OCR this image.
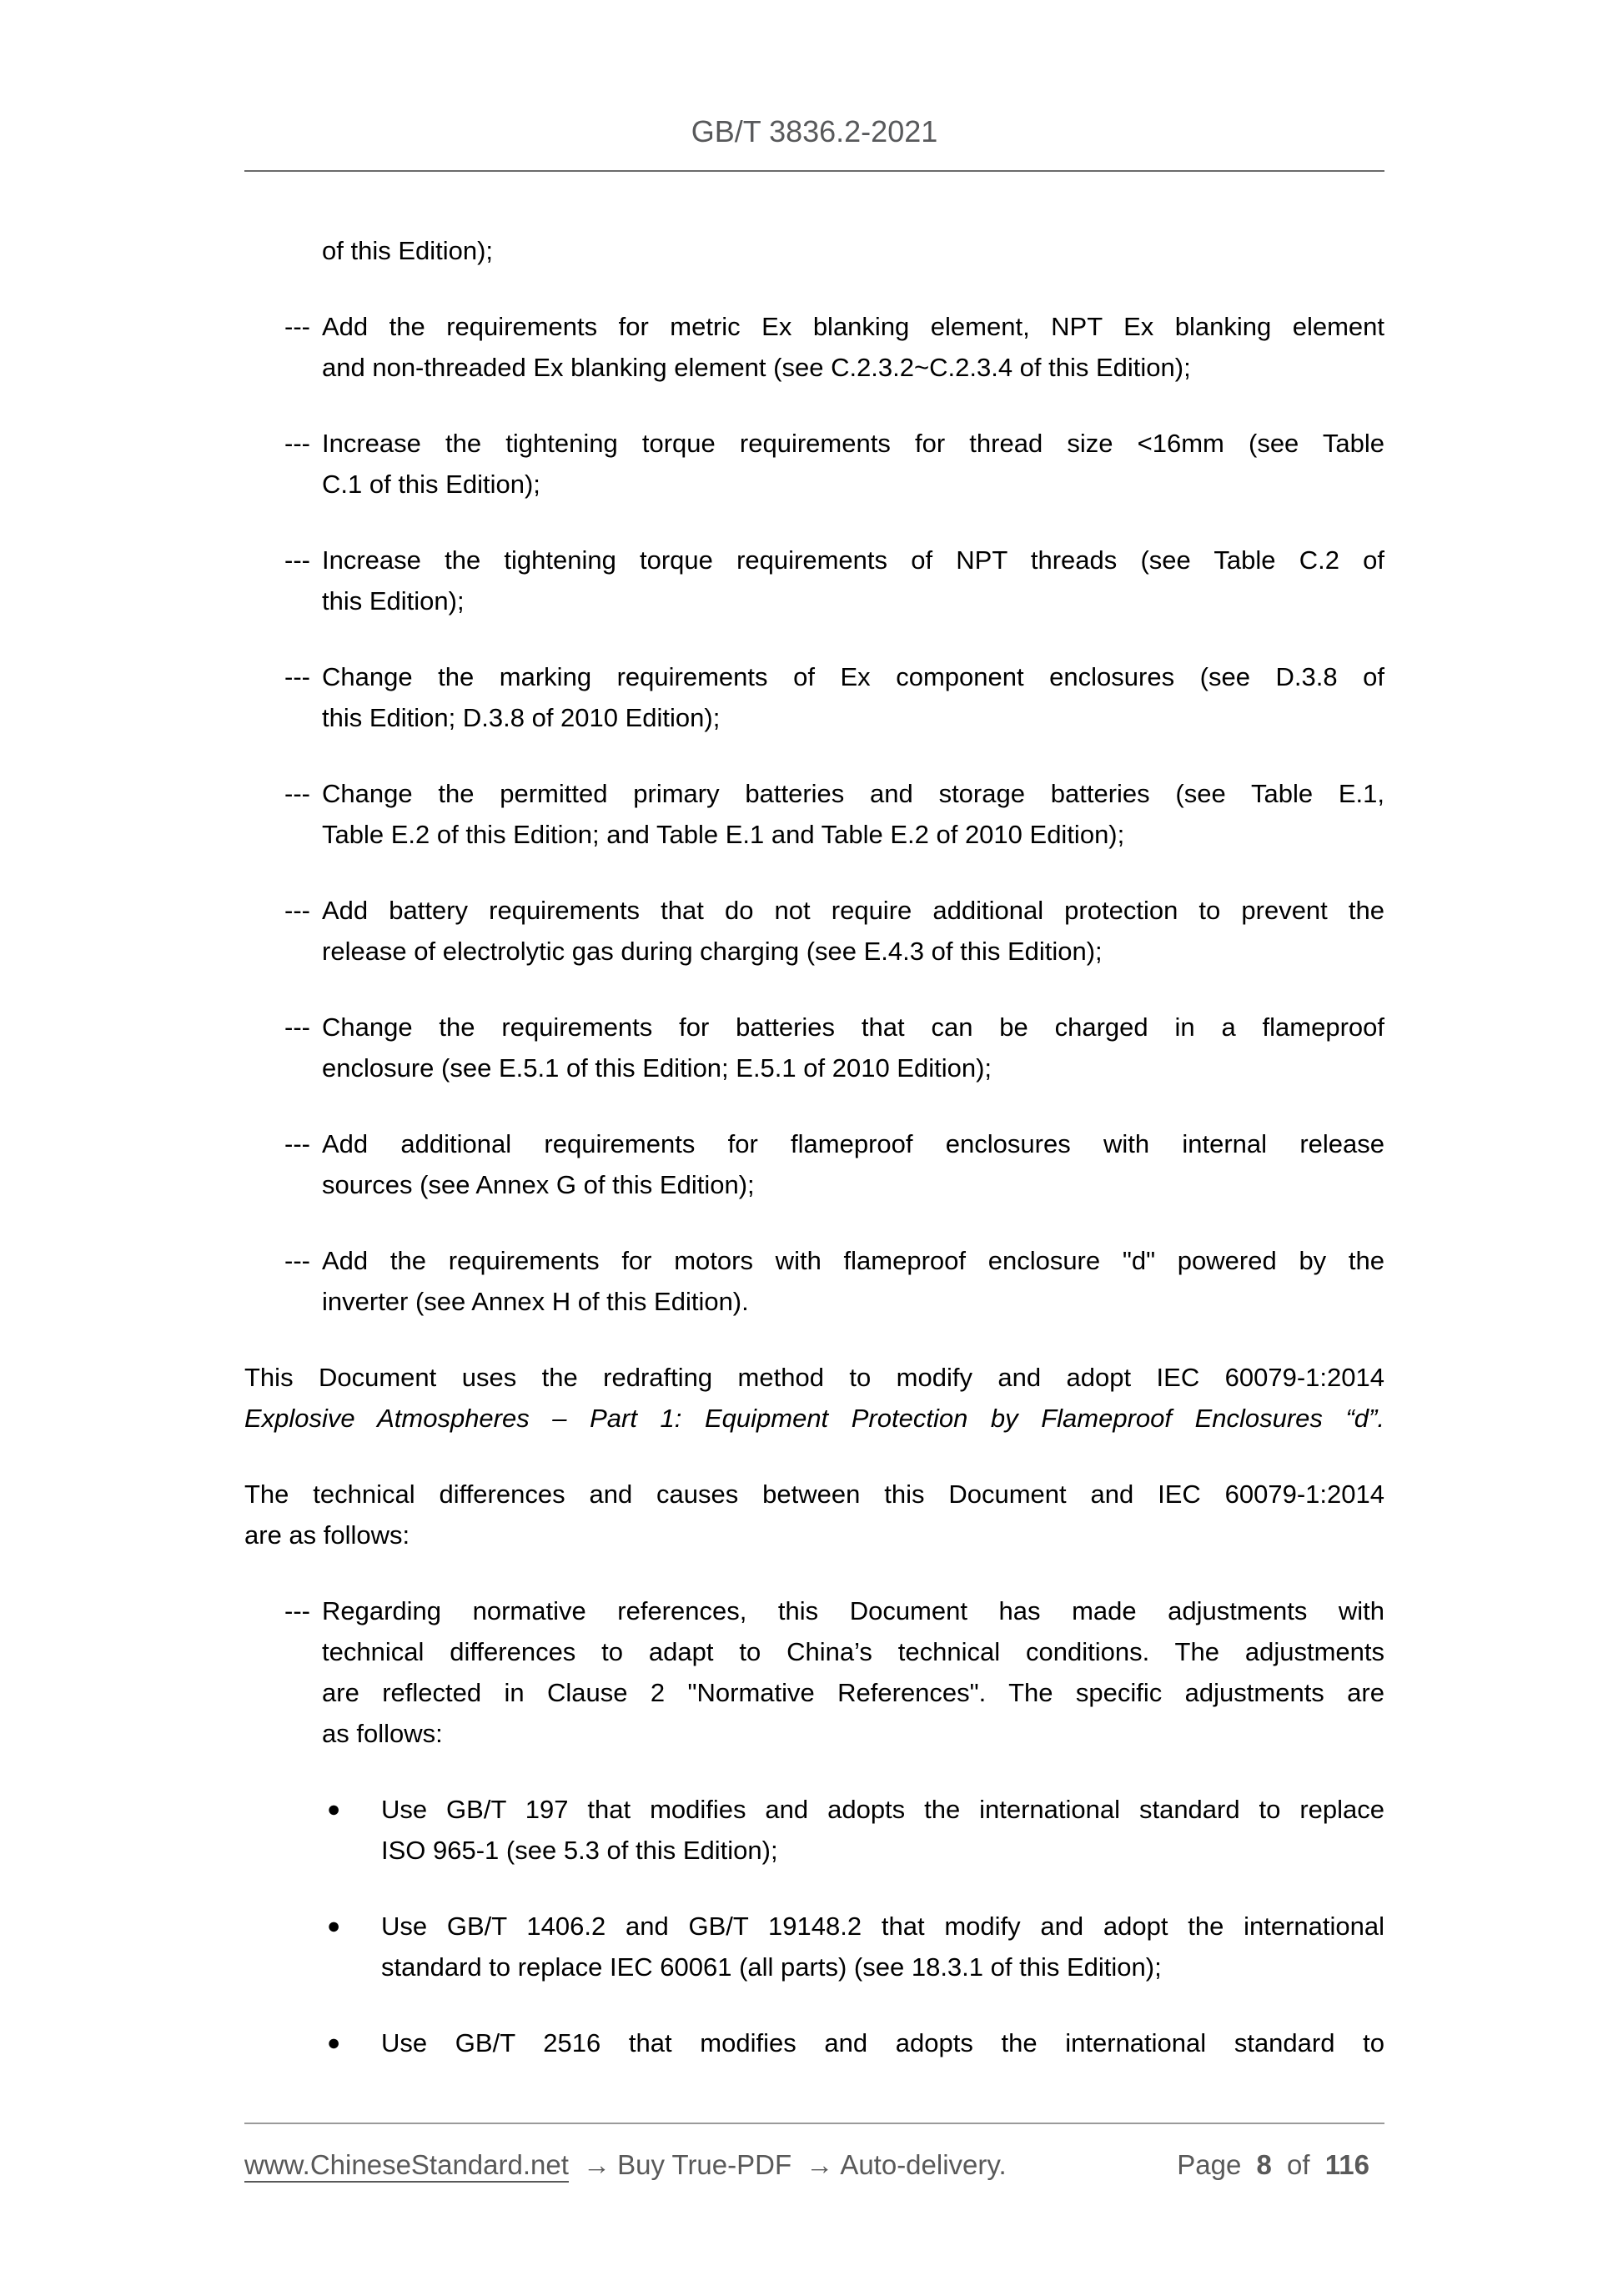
GB/T 3836.2-2021
of this Edition);
--- Add the requirements for metric Ex blanking element, NPT Ex blanking element
and non-threaded Ex blanking element (see C.2.3.2~C.2.3.4 of this Edition);
--- Increase the tightening torque requirements for thread size <16mm (see Table
C.1 of this Edition);
--- Increase the tightening torque requirements of NPT threads (see Table C.2 of
this Edition);
--- Change the marking requirements of Ex component enclosures (see D.3.8 of
this Edition; D.3.8 of 2010 Edition);
--- Change the permitted primary batteries and storage batteries (see Table E.1,
Table E.2 of this Edition; and Table E.1 and Table E.2 of 2010 Edition);
--- Add battery requirements that do not require additional protection to prevent the
release of electrolytic gas during charging (see E.4.3 of this Edition);
--- Change the requirements for batteries that can be charged in a flameproof
enclosure (see E.5.1 of this Edition; E.5.1 of 2010 Edition);
--- Add additional requirements for flameproof enclosures with internal release
sources (see Annex G of this Edition);
--- Add the requirements for motors with flameproof enclosure "d" powered by the
inverter (see Annex H of this Edition).
This Document uses the redrafting method to modify and adopt IEC 60079-1:2014
Explosive Atmospheres – Part 1: Equipment Protection by Flameproof Enclosures “d”.
The technical differences and causes between this Document and IEC 60079-1:2014
are as follows:
--- Regarding normative references, this Document has made adjustments with
technical differences to adapt to China’s technical conditions. The adjustments
are reflected in Clause 2 "Normative References". The specific adjustments are
as follows:
● Use GB/T 197 that modifies and adopts the international standard to replace
ISO 965-1 (see 5.3 of this Edition);
● Use GB/T 1406.2 and GB/T 19148.2 that modify and adopt the international
standard to replace IEC 60061 (all parts) (see 18.3.1 of this Edition);
● Use GB/T 2516 that modifies and adopts the international standard to
www.ChineseStandard.net → Buy True-PDF → Auto-delivery.	Page 8 of 116
